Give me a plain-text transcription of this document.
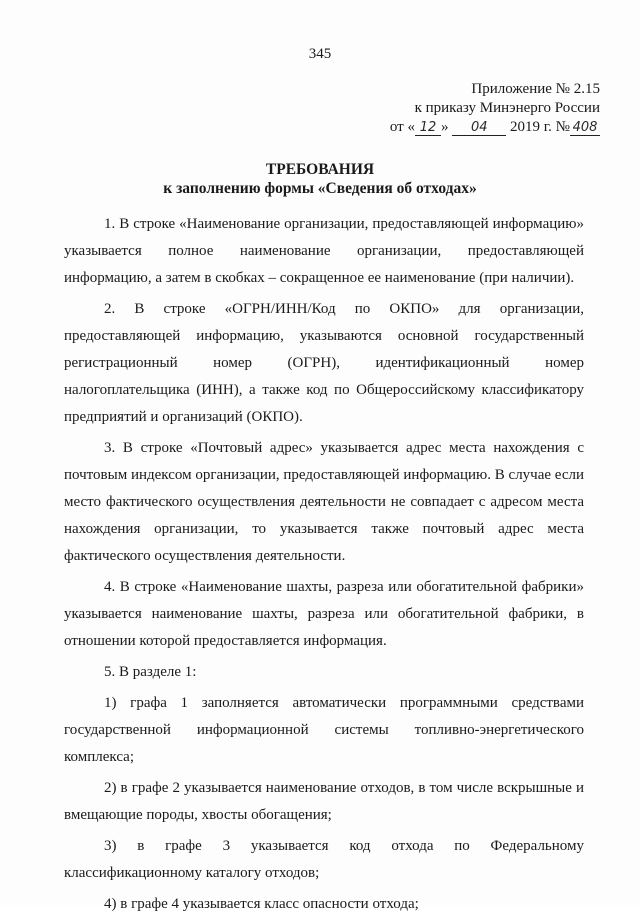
345
Приложение № 2.15
к приказу Минэнерго России
от « 12 » 04 2019 г. № 408
ТРЕБОВАНИЯ
к заполнению формы «Сведения об отходах»

1. В строке «Наименование организации, предоставляющей информацию» указывается полное наименование организации, предоставляющей информацию, а затем в скобках – сокращенное ее наименование (при наличии).

2. В строке «ОГРН/ИНН/Код по ОКПО» для организации, предоставляющей информацию, указываются основной государственный регистрационный номер (ОГРН), идентификационный номер налогоплательщика (ИНН), а также код по Общероссийскому классификатору предприятий и организаций (ОКПО).

3. В строке «Почтовый адрес» указывается адрес места нахождения с почтовым индексом организации, предоставляющей информацию. В случае если место фактического осуществления деятельности не совпадает с адресом места нахождения организации, то указывается также почтовый адрес места фактического осуществления деятельности.

4. В строке «Наименование шахты, разреза или обогатительной фабрики» указывается наименование шахты, разреза или обогатительной фабрики, в отношении которой предоставляется информация.

5. В разделе 1:

1) графа 1 заполняется автоматически программными средствами государственной информационной системы топливно-энергетического комплекса;

2) в графе 2 указывается наименование отходов, в том числе вскрышные и вмещающие породы, хвосты обогащения;

3) в графе 3 указывается код отхода по Федеральному классификационному каталогу отходов;

4) в графе 4 указывается класс опасности отхода;
